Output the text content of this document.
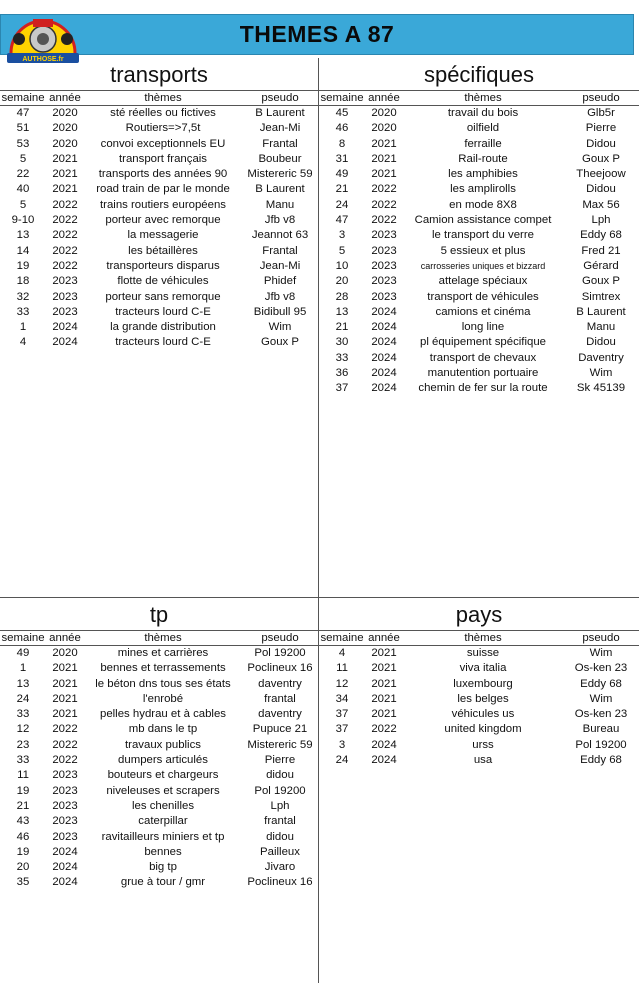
AUTHOSE.fr
THEMES A 87
transports
semaine	année	thèmes	pseudo
47	2020	sté réelles ou fictives	B Laurent
51	2020	Routiers=>7,5t	Jean-Mi
53	2020	convoi exceptionnels EU	Frantal
5	2021	transport français	Boubeur
22	2021	transports des années 90	Mistereric 59
40	2021	road train de par le monde	B Laurent
5	2022	trains routiers européens	Manu
9-10	2022	porteur avec remorque	Jfb v8
13	2022	la messagerie	Jeannot 63
14	2022	les bétaillères	Frantal
19	2022	transporteurs disparus	Jean-Mi
18	2023	flotte de véhicules	Phidef
32	2023	porteur sans remorque	Jfb v8
33	2023	tracteurs lourd C-E	Bidibull 95
1	2024	la grande distribution	Wim
4	2024	tracteurs lourd C-E	Goux P
spécifiques
semaine	année	thèmes	pseudo
45	2020	travail du bois	Glb5r
46	2020	oilfield	Pierre
8	2021	ferraille	Didou
31	2021	Rail-route	Goux P
49	2021	les amphibies	Theejoow
21	2022	les amplirolls	Didou
24	2022	en mode 8X8	Max 56
47	2022	Camion assistance compet	Lph
3	2023	le transport du verre	Eddy 68
5	2023	5 essieux et plus	Fred 21
10	2023	carrosseries uniques et bizzard	Gérard
20	2023	attelage spéciaux	Goux P
28	2023	transport de véhicules	Simtrex
13	2024	camions et cinéma	B Laurent
21	2024	long line	Manu
30	2024	pl équipement spécifique	Didou
33	2024	transport de chevaux	Daventry
36	2024	manutention portuaire	Wim
37	2024	chemin de fer sur la route	Sk 45139
tp
semaine	année	thèmes	pseudo
49	2020	mines et carrières	Pol 19200
1	2021	bennes et terrassements	Poclineux 16
13	2021	le béton dns tous ses états	daventry
24	2021	l'enrobé	frantal
33	2021	pelles hydrau et à cables	daventry
12	2022	mb dans le tp	Pupuce 21
23	2022	travaux publics	Mistereric 59
33	2022	dumpers articulés	Pierre
11	2023	bouteurs et chargeurs	didou
19	2023	niveleuses et scrapers	Pol 19200
21	2023	les chenilles	Lph
43	2023	caterpillar	frantal
46	2023	ravitailleurs miniers et tp	didou
19	2024	bennes	Pailleux
20	2024	big tp	Jivaro
35	2024	grue à tour / gmr	Poclineux 16
pays
semaine	année	thèmes	pseudo
4	2021	suisse	Wim
11	2021	viva italia	Os-ken 23
12	2021	luxembourg	Eddy 68
34	2021	les belges	Wim
37	2021	véhicules us	Os-ken 23
37	2022	united kingdom	Bureau
3	2024	urss	Pol 19200
24	2024	usa	Eddy 68
